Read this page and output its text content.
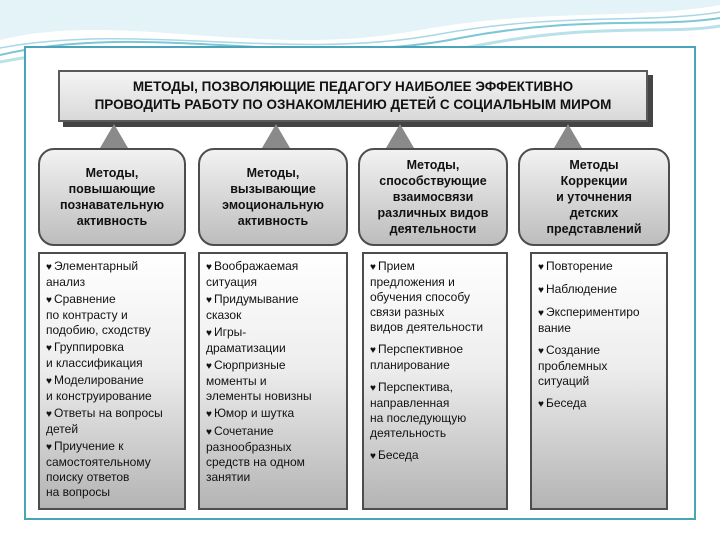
МЕТОДЫ, ПОЗВОЛЯЮЩИЕ ПЕДАГОГУ НАИБОЛЕЕ ЭФФЕКТИВНО
ПРОВОДИТЬ РАБОТУ ПО ОЗНАКОМЛЕНИЮ ДЕТЕЙ С СОЦИАЛЬНЫМ МИРОМ
Методы,
повышающие
познавательную
активность
♥ Элементарный
анализ
♥ Сравнение
по контрасту и
подобию, сходству
♥ Группировка
и классификация
♥ Моделирование
и конструирование
♥ Ответы на вопросы
детей
♥ Приучение к
самостоятельному
поиску ответов
на вопросы
Методы,
вызывающие
эмоциональную
активность
♥ Воображаемая
ситуация
♥ Придумывание
сказок
♥ Игры-
драматизации
♥ Сюрпризные
моменты и
элементы новизны
♥ Юмор и шутка
♥ Сочетание
разнообразных
средств на одном
занятии
Методы,
способствующие
взаимосвязи
различных видов
деятельности
♥ Прием
предложения и
обучения способу
связи разных
видов деятельности
♥ Перспективное
планирование
♥ Перспектива,
направленная
на последующую
деятельность
♥ Беседа
Методы
Коррекции
и уточнения
детских
представлений
♥ Повторение
♥ Наблюдение
♥ Экспериментиро
вание
♥ Создание
проблемных
ситуаций
♥ Беседа
